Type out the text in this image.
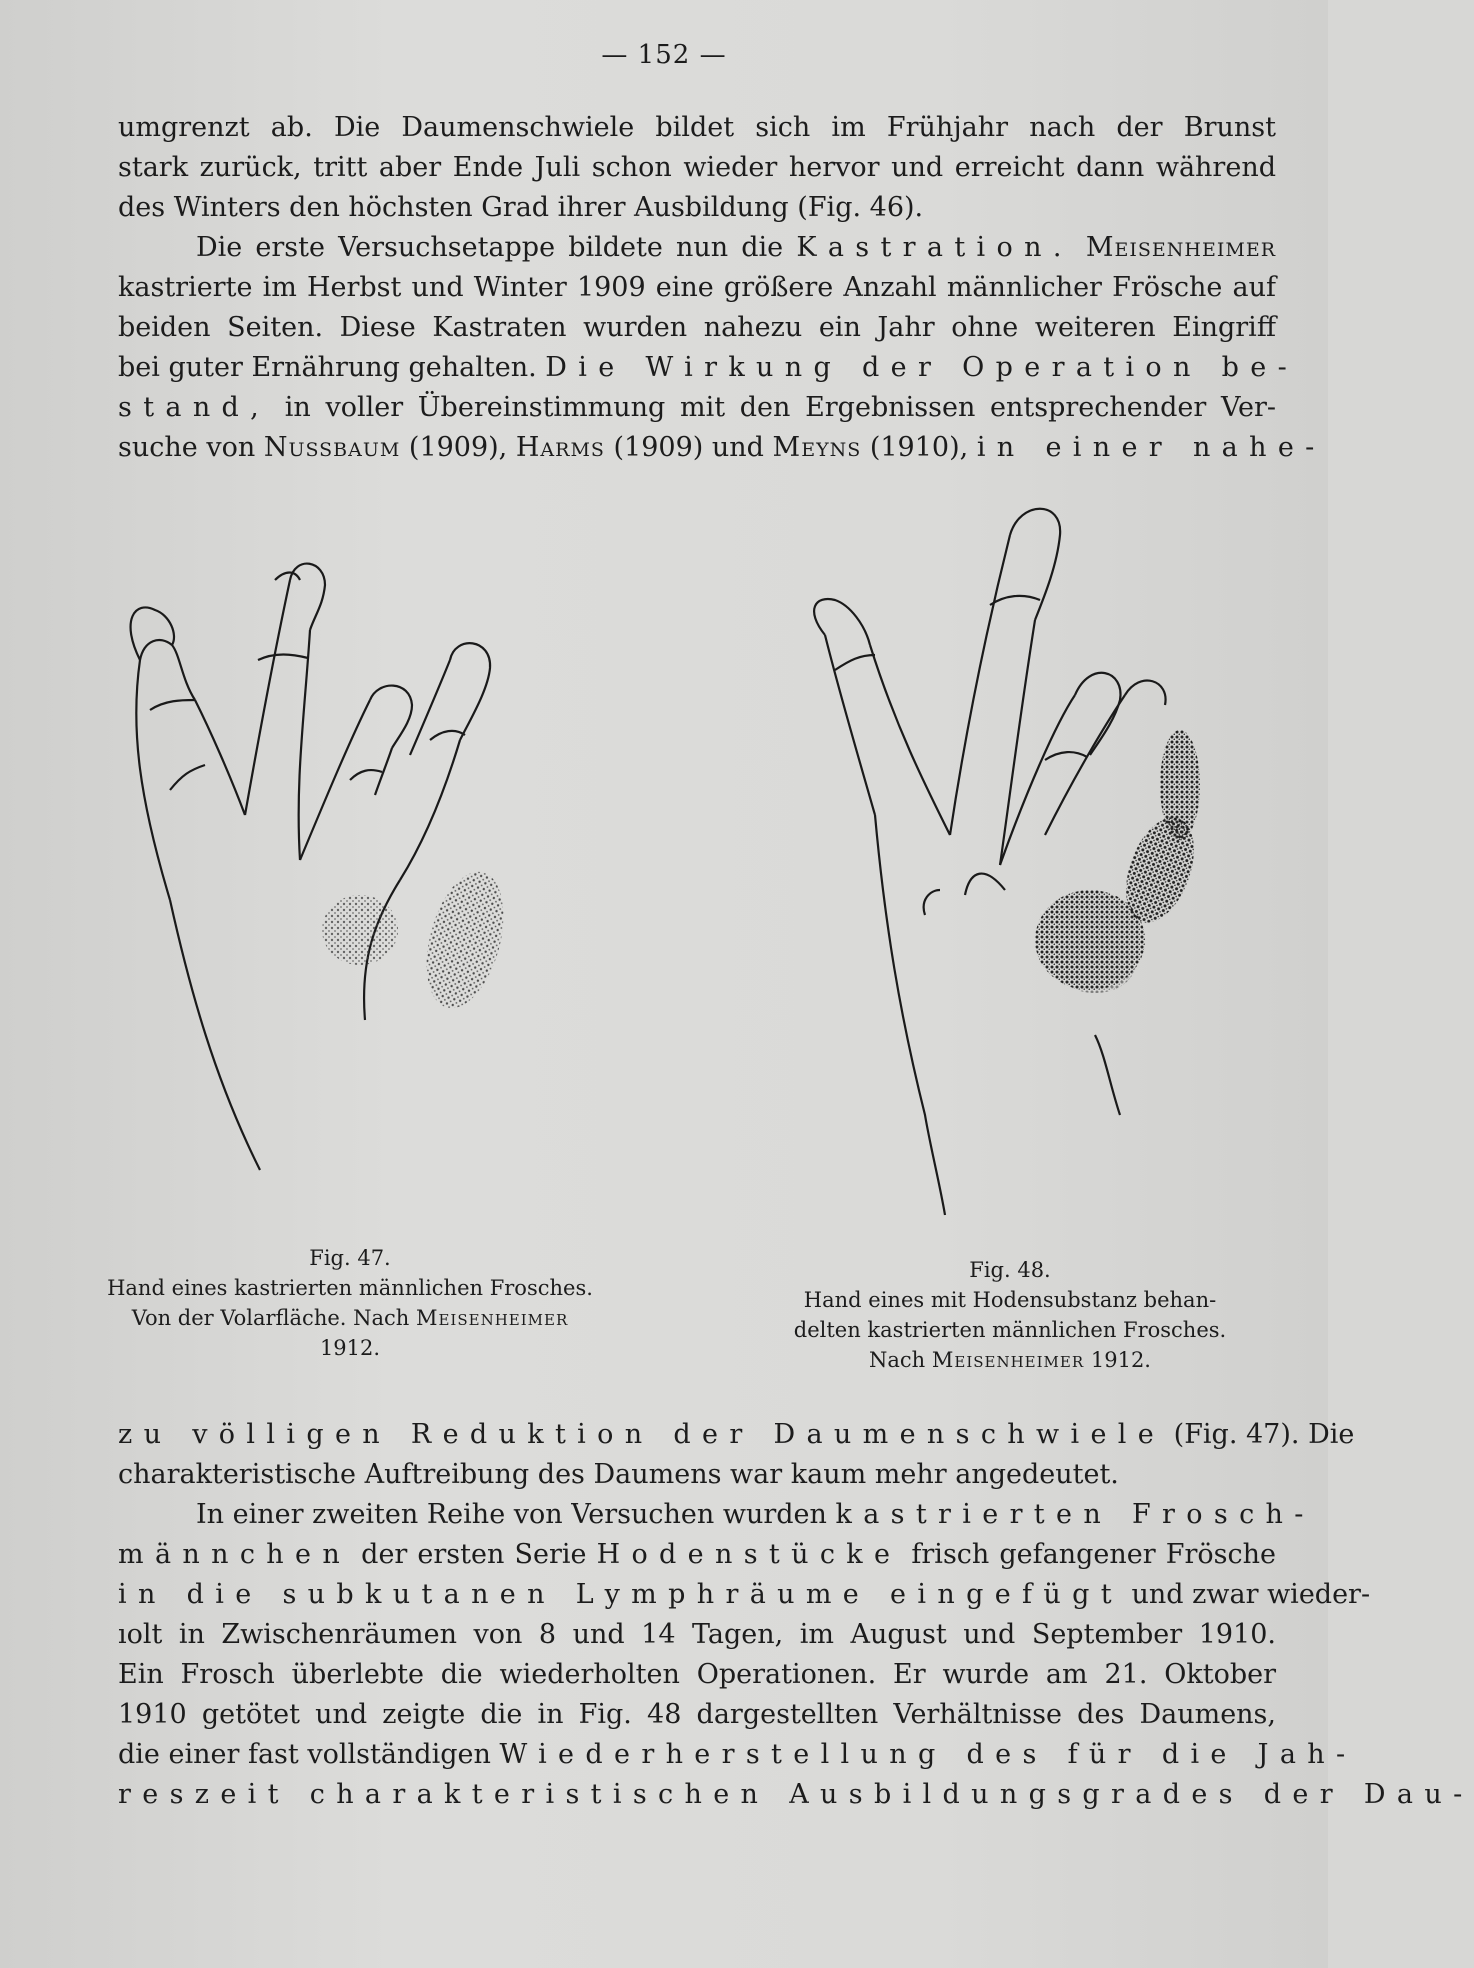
— 152 —
umgrenzt ab. Die Daumenschwiele bildet sich im Frühjahr nach der Brunst
stark zurück, tritt aber Ende Juli schon wieder hervor und erreicht dann während
des Winters den höchsten Grad ihrer Ausbildung (Fig. 46).
Die erste Versuchsetappe bildete nun die Kastration. Meisenheimer
kastrierte im Herbst und Winter 1909 eine größere Anzahl männlicher Frösche auf
beiden Seiten. Diese Kastraten wurden nahezu ein Jahr ohne weiteren Eingriff
bei guter Ernährung gehalten. Die Wirkung der Operation be-
stand, in voller Übereinstimmung mit den Ergebnissen entsprechender Ver-
suche von Nussbaum (1909), Harms (1909) und Meyns (1910), in einer nahe-
Fig. 47.
Hand eines kastrierten männlichen Frosches.
Von der Volarfläche. Nach Meisenheimer
1912.
Fig. 48.
Hand eines mit Hodensubstanz behan-
delten kastrierten männlichen Frosches.
Nach Meisenheimer 1912.
zu völligen Reduktion der Daumenschwiele (Fig. 47). Die
charakteristische Auftreibung des Daumens war kaum mehr angedeutet.
In einer zweiten Reihe von Versuchen wurden kastrierten Frosch-
männchen der ersten Serie Hodenstücke frisch gefangener Frösche
in die subkutanen Lymphräume eingefügt und zwar wieder-
ıolt in Zwischenräumen von 8 und 14 Tagen, im August und September 1910.
Ein Frosch überlebte die wiederholten Operationen. Er wurde am 21. Oktober
1910 getötet und zeigte die in Fig. 48 dargestellten Verhältnisse des Daumens,
die einer fast vollständigen Wiederherstellung des für die Jah-
reszeit charakteristischen Ausbildungsgrades der Dau-
